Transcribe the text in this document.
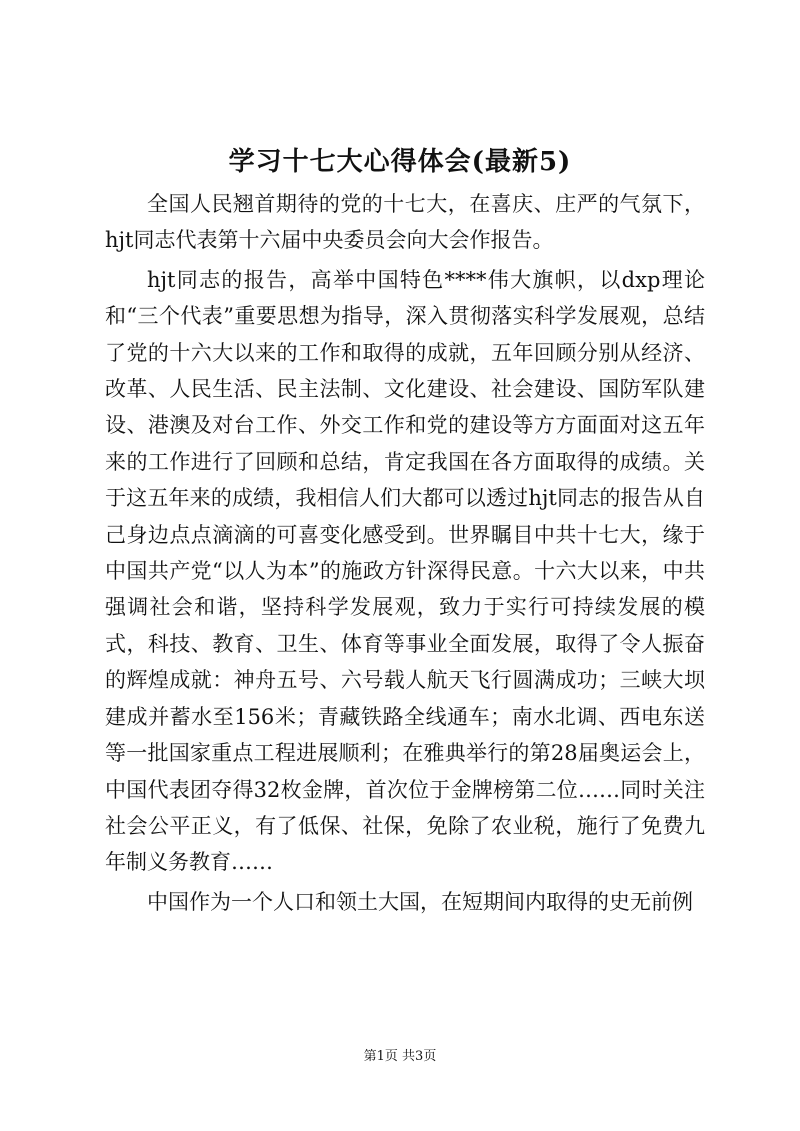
学习十七大心得体会(最新5)

全国人民翘首期待的党的十七大，在喜庆、庄严的气氛下，hjt同志代表第十六届中央委员会向大会作报告。

hjt同志的报告，高举中国特色****伟大旗帜，以dxp理论和“三个代表”重要思想为指导，深入贯彻落实科学发展观，总结了党的十六大以来的工作和取得的成就，五年回顾分别从经济、改革、人民生活、民主法制、文化建设、社会建设、国防军队建设、港澳及对台工作、外交工作和党的建设等方方面面对这五年来的工作进行了回顾和总结，肯定我国在各方面取得的成绩。关于这五年来的成绩，我相信人们大都可以透过hjt同志的报告从自己身边点点滴滴的可喜变化感受到。世界瞩目中共十七大，缘于中国共产党“以人为本”的施政方针深得民意。十六大以来，中共强调社会和谐，坚持科学发展观，致力于实行可持续发展的模式，科技、教育、卫生、体育等事业全面发展，取得了令人振奋的辉煌成就：神舟五号、六号载人航天飞行圆满成功；三峡大坝建成并蓄水至156米；青藏铁路全线通车；南水北调、西电东送等一批国家重点工程进展顺利；在雅典举行的第28届奥运会上，中国代表团夺得32枚金牌，首次位于金牌榜第二位……同时关注社会公平正义，有了低保、社保，免除了农业税，施行了免费九年制义务教育……

中国作为一个人口和领土大国，在短期间内取得的史无前例

第1页 共3页
